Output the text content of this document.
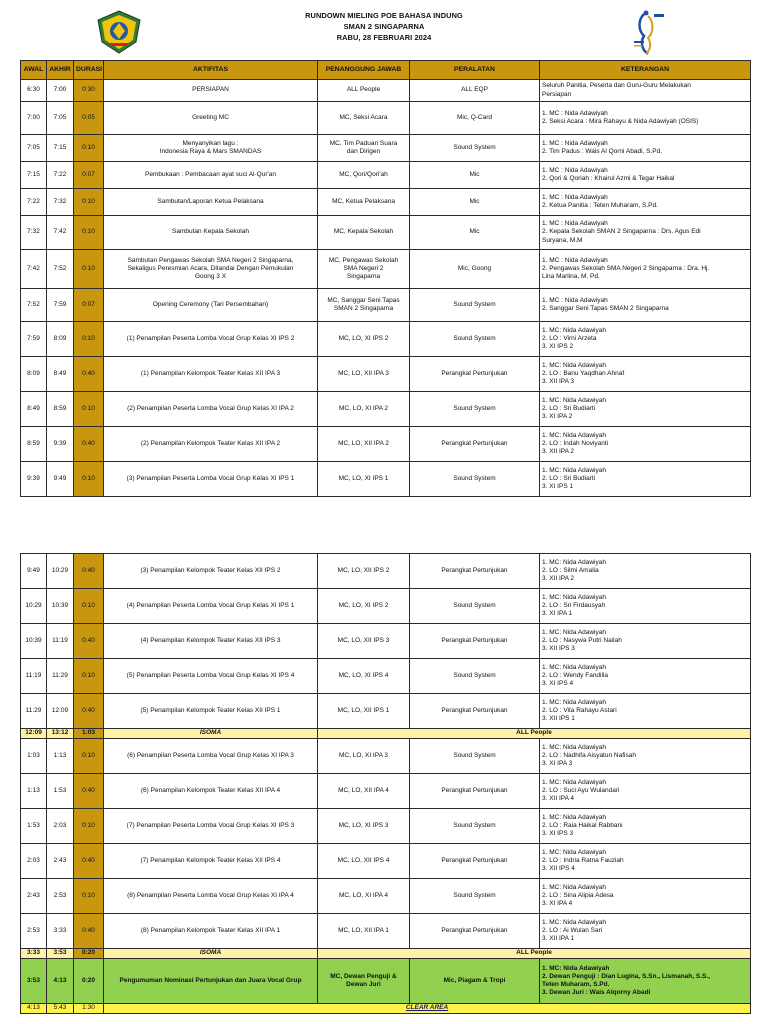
RUNDOWN MIELING POE BAHASA INDUNG
SMAN 2 SINGAPARNA
RABU, 28 FEBRUARI 2024
AWAL	AKHIR	DURASI	AKTIFITAS	PENANGGUNG JAWAB	PERALATAN	KETERANGAN
6:30	7:00	0:30	PERSIAPAN	ALL People	ALL EQP	Seluruh Panitia, Peserta dan Guru-Guru Melakukan
Persiapan

7:00	7:05	0:05	Greeting MC	MC, Seksi Acara	Mic, Q-Card	1. MC : Nida Adawiyah
2. Seksi Acara : Mira Rahayu & Nida Adawiyah (OSIS)

7:05	7:15	0:10	Menyanyikan lagu :
Indonesia Raya & Mars SMANDAS	MC, Tim Paduan Suara
dan Dirigen	Sound System	1. MC : Nida Adawiyah
2. Tim Padus : Wais Al Qorni Abadi, S.Pd.

7:15	7:22	0:07	Pembukaan : Pembacaan ayat suci Al-Qur'an	MC, Qori/Qori'ah	Mic	1. MC : Nida Adawiyah
2. Qori & Qoriah : Khairul Azmi & Tegar Haikal

7:22	7:32	0:10	Sambutan/Laporan Ketua Pelaksana	MC, Ketua Pelaksana	Mic	1. MC : Nida Adawiyah
2. Ketua Panitia : Teten Muharam, S.Pd.

7:32	7:42	0:10	Sambutan Kepala Sekolah	MC, Kepala Sekolah	Mic	1. MC : Nida Adawiyah
2. Kepala Sekolah SMAN 2 Singaparna : Drs. Agus Edi
Suryana, M.M

7:42	7:52	0:10	Sambutan Pengawas Sekolah SMA Negeri 2 Singaparna,
Sekaligus Peresmian Acara, Ditandai Dengan Pemukulan
Goong 3 X	MC, Pengawas Sekolah
SMA Negeri 2
Singaparna	Mic, Goong	1. MC : Nida Adawiyah
2. Pengawas Sekolah SMA Negeri 2 Singaparna : Dra. Hj.
Lina Marlina, M. Pd.

7:52	7:59	0:07	Opening Ceremony (Tari Persembahan)	MC, Sanggar Seni Tapas
SMAN 2 Singaparna	Sound System	1. MC : Nida Adawiyah
2. Sanggar Seni Tapas SMAN 2 Singaparna

7:59	8:09	0:10	(1) Penampilan Peserta Lomba Vocal Grup Kelas XI IPS 2	MC, LO, XI IPS 2	Sound System	1. MC: Nida Adawiyah
2. LO : Virni Arzeta
3. XI IPS 2

8:09	8:49	0:40	(1) Penampilan Kelompok Teater Kelas XII IPA 3	MC, LO, XII IPA 3	Perangkat Pertunjukan	1. MC: Nida Adawiyah
2. LO : Banu Yaqdhan Ahnaf
3. XII IPA 3

8:49	8:59	0:10	(2) Penampilan Peserta Lomba Vocal Grup Kelas XI IPA 2	MC, LO, XI IPA 2	Sound System	1. MC: Nida Adawiyah
2. LO : Sri Budiarti
3. XI IPA 2

8:59	9:39	0:40	(2) Penampilan Kelompok Teater Kelas XII IPA 2	MC, LO, XII IPA 2	Perangkat Pertunjukan	1. MC: Nida Adawiyah
2. LO : Indah Noviyanti
3. XII IPA 2

9:39	9:49	0:10	(3) Penampilan Peserta Lomba Vocal Grup Kelas XI IPS 1	MC, LO, XI IPS 1	Sound System	1. MC: Nida Adawiyah
2. LO : Sri Budiarti
3. XI IPS 1
9:49	10:29	0:40	(3) Penampilan Kelompok Teater Kelas XII IPS 2	MC, LO, XII IPS 2	Perangkat Pertunjukan	1. MC: Nida Adawiyah
2. LO : Silmi Amalia
3. XII IPA 2

10:29	10:39	0:10	(4) Penampilan Peserta Lomba Vocal Grup Kelas XI IPS 1	MC, LO, XI IPS 2	Sound System	1. MC: Nida Adawiyah
2. LO : Sri Firdausyah
3. XI IPA 1

10:39	11:19	0:40	(4) Penampilan Kelompok Teater Kelas XII IPS 3	MC, LO, XII IPS 3	Perangkat Pertunjukan	1. MC: Nida Adawiyah
2. LO : Nasywa Putri Nailah
3. XII IPS 3

11:19	11:29	0:10	(5) Penampilan Peserta Lomba Vocal Grup Kelas XI IPS 4	MC, LO, XI IPS 4	Sound System	1. MC: Nida Adawiyah
2. LO : Wendy Fandilla
3. XI IPS 4

11:29	12:09	0:40	(5) Penampilan Kelompok Teater Kelas XII IPS 1	MC, LO, XII IPS 1	Perangkat Pertunjukan	1. MC: Nida Adawiyah
2. LO : Vita Rahayu Astari
3. XII IPS 1

12:09	13:12	1:03	ISOMA	ALL People		
1:03	1:13	0:10	(6) Penampilan Peserta Lomba Vocal Grup Kelas XI IPA 3	MC, LO, XI IPA 3	Sound System	1. MC: Nida Adawiyah
2. LO : Nadhifa Aisyatun Nafisah
3. XI IPA 3

1:13	1:53	0:40	(6) Penampilan Kelompok Teater Kelas XII IPA 4	MC, LO, XII IPA 4	Perangkat Pertunjukan	1. MC: Nida Adawiyah
2. LO : Suci Ayu Wulandari
3. XII IPA 4

1:53	2:03	0:10	(7) Penampilan Peserta Lomba Vocal Grup Kelas XI IPS 3	MC, LO, XI IPS 3	Sound System	1. MC: Nida Adawiyah
2. LO : Raia Haikal Rabbani
3. XI IPS 3

2:03	2:43	0:40	(7) Penampilan Kelompok Teater Kelas XII IPS 4	MC, LO, XII IPS 4	Perangkat Pertunjukan	1. MC: Nida Adawiyah
2. LO : Indria Ratna Fauziah
3. XII IPS 4

2:43	2:53	0:10	(8) Penampilan Peserta Lomba Vocal Grup Kelas XI IPA 4	MC, LO, XI IPA 4	Sound System	1. MC: Nida Adawiyah
2. LO : Sina Alipia Adesa
3. XI IPA 4

2:53	3:33	0:40	(8) Penampilan Kelompok Teater Kelas XII IPA 1	MC, LO, XII IPA 1	Perangkat Pertunjukan	1. MC: Nida Adawiyah
2. LO : Ai Wulan Sari
3. XII IPA 1

3:33	3:53	0:20	ISOMA	ALL People		
3:53	4:13	0:20	Pengumuman Nominasi Pertunjukan dan Juara Vocal Grup	MC, Dewan Penguji &
Dewan Juri	Mic, Piagam & Tropi	1. MC: Nida Adawiyah
2. Dewan Penguji : Dian Lugina, S.Sn., Lismanah, S.S.,
Teten Muharam, S.Pd.
3. Dewan Juri : Wais Alqorny Abadi

4:13	5:43	1:30	CLEAR AREA			
